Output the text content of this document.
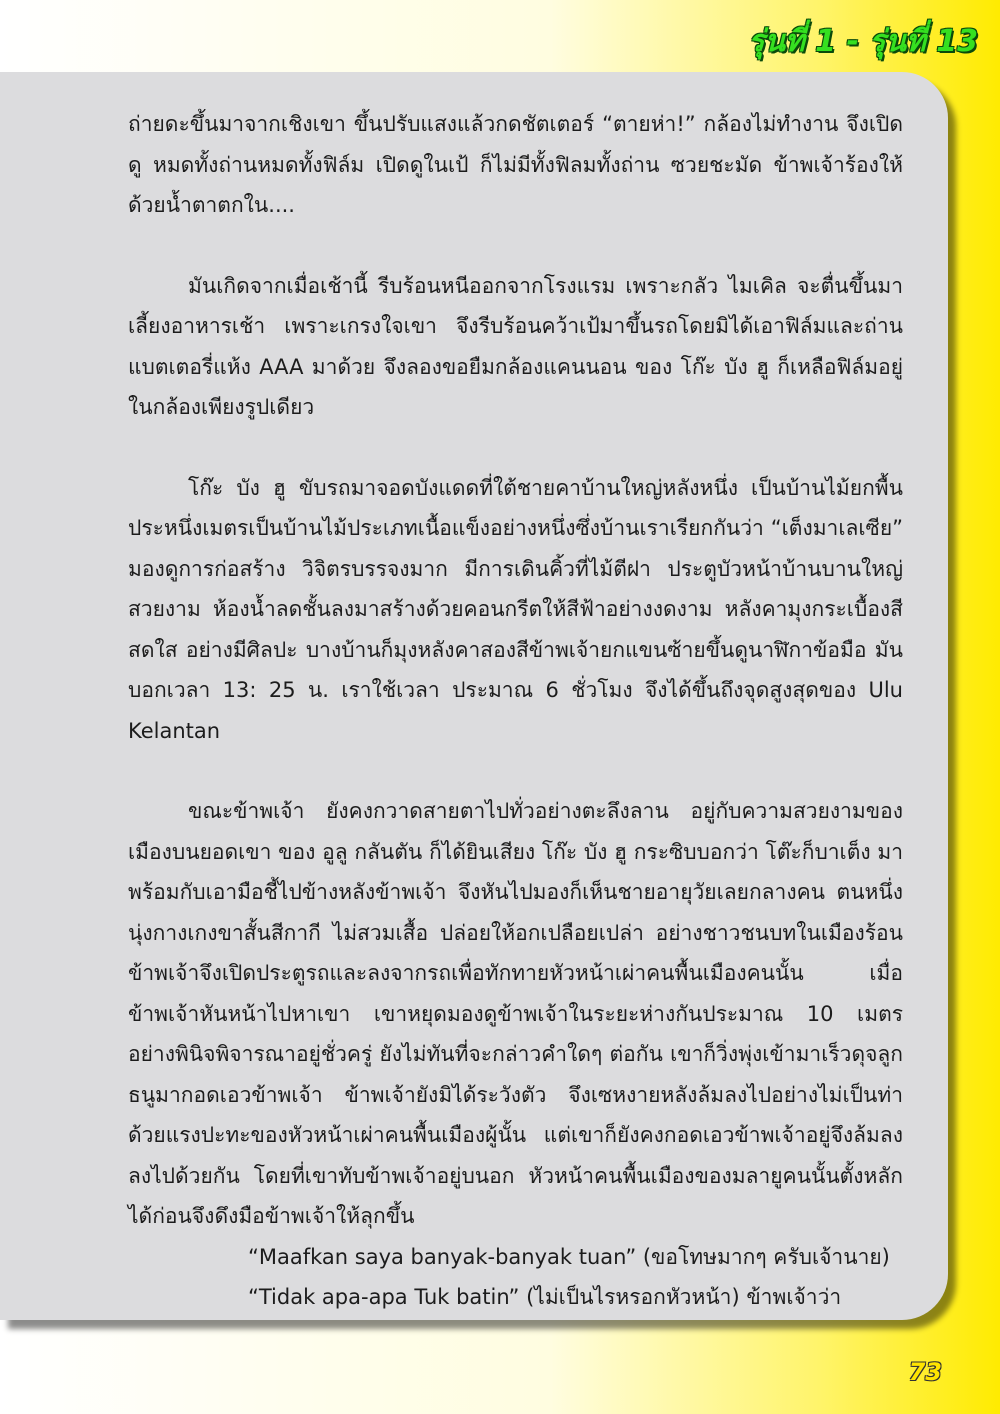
รุ่นที่ 1 - รุ่นที่ 13

ถ่ายดะขึ้นมาจากเชิงเขา ขึ้นปรับแสงแล้วกดชัตเตอร์ “ตายห่า!” กล้องไม่ทำงาน จึงเปิดดู หมดทั้งถ่านหมดทั้งฟิล์ม เปิดดูในเป้ ก็ไม่มีทั้งฟิลมทั้งถ่าน ซวยชะมัด ข้าพเจ้าร้องให้ด้วยน้ำตาตกใน....

มันเกิดจากเมื่อเช้านี้ รีบร้อนหนีออกจากโรงแรม เพราะกลัว ไมเคิล จะตื่นขึ้นมาเลี้ยงอาหารเช้า เพราะเกรงใจเขา จึงรีบร้อนคว้าเป้มาขึ้นรถโดยมิได้เอาฟิล์มและถ่านแบตเตอรี่แห้ง AAA มาด้วย จึงลองขอยืมกล้องแคนนอน ของ โก๊ะ บัง ฮู ก็เหลือฟิล์มอยู่ในกล้องเพียงรูปเดียว

โก๊ะ บัง ฮู ขับรถมาจอดบังแดดที่ใต้ชายคาบ้านใหญ่หลังหนึ่ง เป็นบ้านไม้ยกพื้นประหนึ่งเมตรเป็นบ้านไม้ประเภทเนื้อแข็งอย่างหนึ่งซึ่งบ้านเราเรียกกันว่า “เต็งมาเลเซีย” มองดูการก่อสร้าง วิจิตรบรรจงมาก มีการเดินคิ้วที่ไม้ตีฝา ประตูบัวหน้าบ้านบานใหญ่สวยงาม ห้องน้ำลดชั้นลงมาสร้างด้วยคอนกรีตให้สีฟ้าอย่างงดงาม หลังคามุงกระเบื้องสีสดใส อย่างมีศิลปะ บางบ้านก็มุงหลังคาสองสีข้าพเจ้ายกแขนซ้ายขึ้นดูนาฬิกาข้อมือ มันบอกเวลา 13: 25 น. เราใช้เวลา ประมาณ 6 ชั่วโมง จึงได้ขึ้นถึงจุดสูงสุดของ Ulu Kelantan

ขณะข้าพเจ้า ยังคงกวาดสายตาไปทั่วอย่างตะลึงลาน อยู่กับความสวยงามของเมืองบนยอดเขา ของ อูลู กลันตัน ก็ได้ยินเสียง โก๊ะ บัง ฮู กระซิบบอกว่า โต๊ะก็บาเต็ง มาพร้อมกับเอามือชี้ไปข้างหลังข้าพเจ้า จึงหันไปมองก็เห็นชายอายุวัยเลยกลางคน ตนหนึ่งนุ่งกางเกงขาสั้นสีกากี ไม่สวมเสื้อ ปล่อยให้อกเปลือยเปล่า อย่างชาวชนบทในเมืองร้อนข้าพเจ้าจึงเปิดประตูรถและลงจากรถเพื่อทักทายหัวหน้าเผ่าคนพื้นเมืองคนนั้น เมื่อข้าพเจ้าหันหน้าไปหาเขา เขาหยุดมองดูข้าพเจ้าในระยะห่างกันประมาณ 10 เมตร อย่างพินิจพิจารณาอยู่ชั่วครู่ ยังไม่ทันที่จะกล่าวคำใดๆ ต่อกัน เขาก็วิ่งพุ่งเข้ามาเร็วดุจลูกธนูมากอดเอวข้าพเจ้า ข้าพเจ้ายังมิได้ระวังตัว จึงเซหงายหลังล้มลงไปอย่างไม่เป็นท่าด้วยแรงปะทะของหัวหน้าเผ่าคนพื้นเมืองผู้นั้น แต่เขาก็ยังคงกอดเอวข้าพเจ้าอยู่จึงล้มลงลงไปด้วยกัน โดยที่เขาทับข้าพเจ้าอยู่บนอก หัวหน้าคนพื้นเมืองของมลายูคนนั้นตั้งหลักได้ก่อนจึงดึงมือข้าพเจ้าให้ลุกขึ้น

“Maafkan saya banyak-banyak tuan” (ขอโทษมากๆ ครับเจ้านาย)

“Tidak apa-apa Tuk batin” (ไม่เป็นไรหรอกหัวหน้า) ข้าพเจ้าว่า

73
